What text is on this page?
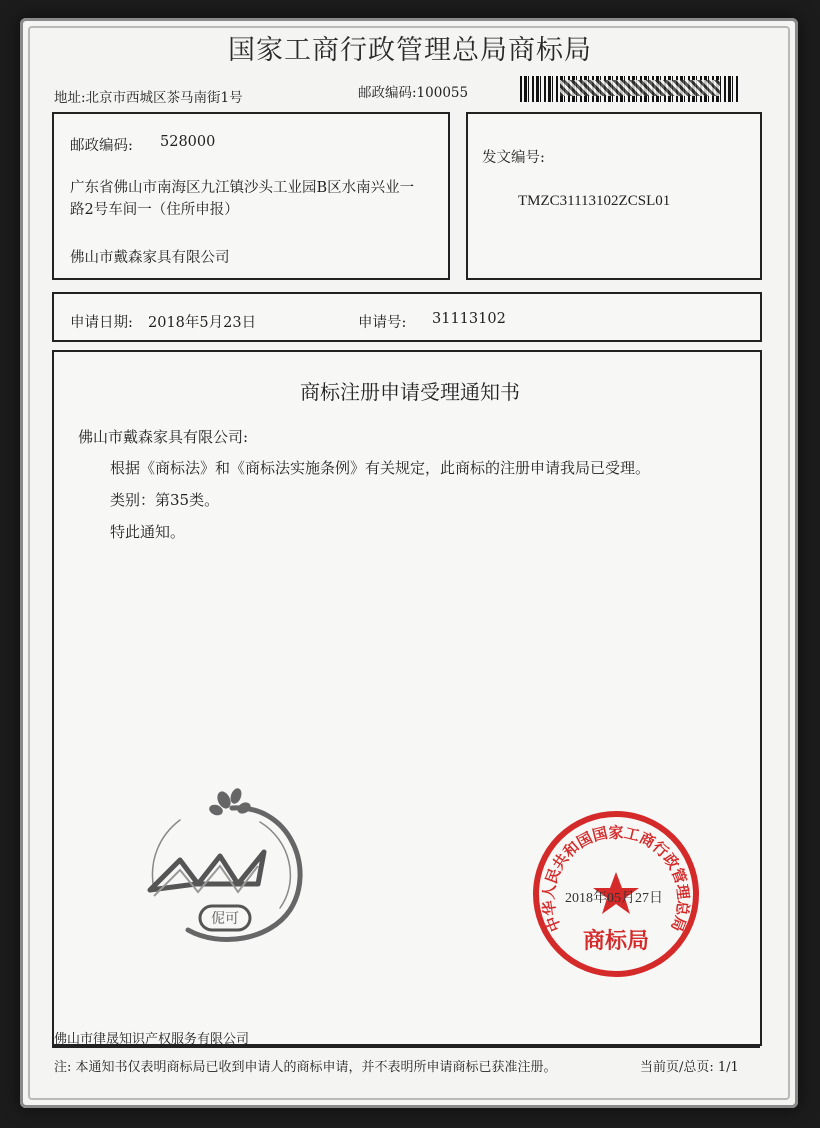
国家工商行政管理总局商标局
地址:北京市西城区茶马南街1号	邮政编码:100055
邮政编码: 528000
广东省佛山市南海区九江镇沙头工业园B区水南兴业一
路2号车间一（住所申报）
佛山市戴森家具有限公司
发文编号:
TMZC31113102ZCSL01
申请日期: 2018年5月23日	申请号: 31113102
商标注册申请受理通知书
佛山市戴森家具有限公司:
根据《商标法》和《商标法实施条例》有关规定，此商标的注册申请我局已受理。
类别：第35类。
特此通知。
伲可	中华人民共和国国家工商行政管理总局
2018年05月27日
商标局
佛山市律晟知识产权服务有限公司
注: 本通知书仅表明商标局已收到申请人的商标申请，并不表明所申请商标已获准注册。	当前页/总页: 1/1
